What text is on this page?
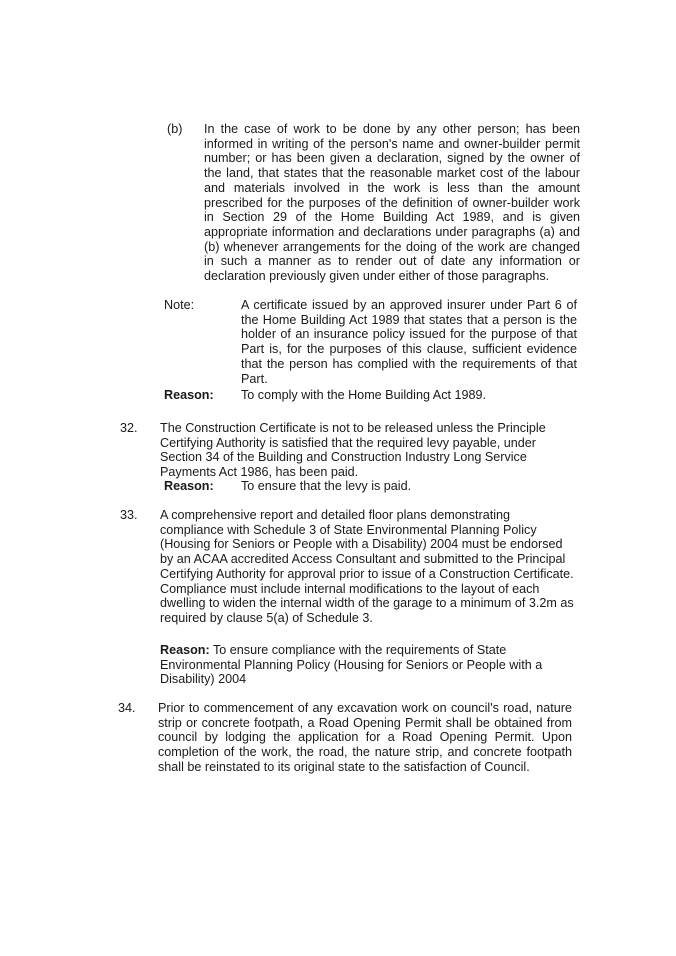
(b) In the case of work to be done by any other person; has been informed in writing of the person's name and owner-builder permit number; or has been given a declaration, signed by the owner of the land, that states that the reasonable market cost of the labour and materials involved in the work is less than the amount prescribed for the purposes of the definition of owner-builder work in Section 29 of the Home Building Act 1989, and is given appropriate information and declarations under paragraphs (a) and (b) whenever arrangements for the doing of the work are changed in such a manner as to render out of date any information or declaration previously given under either of those paragraphs.
Note:	A certificate issued by an approved insurer under Part 6 of the Home Building Act 1989 that states that a person is the holder of an insurance policy issued for the purpose of that Part is, for the purposes of this clause, sufficient evidence that the person has complied with the requirements of that Part.
Reason: To comply with the Home Building Act 1989.
32. The Construction Certificate is not to be released unless the Principle Certifying Authority is satisfied that the required levy payable, under Section 34 of the Building and Construction Industry Long Service Payments Act 1986, has been paid.
Reason: To ensure that the levy is paid.
33. A comprehensive report and detailed floor plans demonstrating compliance with Schedule 3 of State Environmental Planning Policy (Housing for Seniors or People with a Disability) 2004 must be endorsed by an ACAA accredited Access Consultant and submitted to the Principal Certifying Authority for approval prior to issue of a Construction Certificate. Compliance must include internal modifications to the layout of each dwelling to widen the internal width of the garage to a minimum of 3.2m as required by clause 5(a) of Schedule 3.
Reason: To ensure compliance with the requirements of State Environmental Planning Policy (Housing for Seniors or People with a Disability) 2004
34. Prior to commencement of any excavation work on council's road, nature strip or concrete footpath, a Road Opening Permit shall be obtained from council by lodging the application for a Road Opening Permit. Upon completion of the work, the road, the nature strip, and concrete footpath shall be reinstated to its original state to the satisfaction of Council.
